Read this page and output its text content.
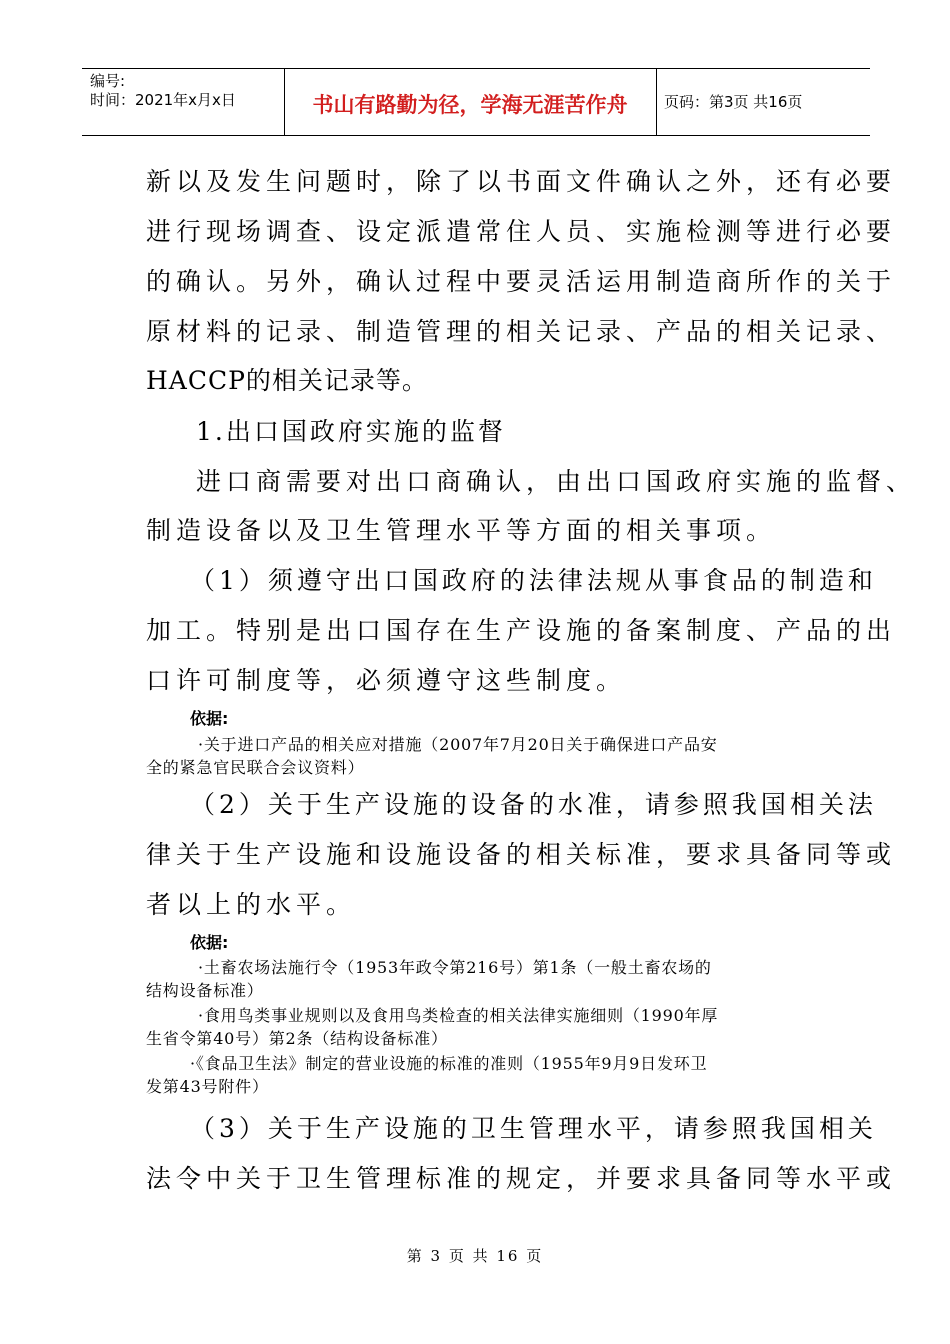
编号:
时间：2021年x月x日	书山有路勤为径，学海无涯苦作舟	页码：第3页 共16页
新以及发生问题时，除了以书面文件确认之外，还有必要
进行现场调查、设定派遣常住人员、实施检测等进行必要
的确认。另外，确认过程中要灵活运用制造商所作的关于
原材料的记录、制造管理的相关记录、产品的相关记录、
HACCP的相关记录等。
1.出口国政府实施的监督
进口商需要对出口商确认，由出口国政府实施的监督、
制造设备以及卫生管理水平等方面的相关事项。
（1）须遵守出口国政府的法律法规从事食品的制造和
加工。特别是出口国存在生产设施的备案制度、产品的出
口许可制度等，必须遵守这些制度。
依据:
·关于进口产品的相关应对措施（2007年7月20日关于确保进口产品安
全的紧急官民联合会议资料）
（2）关于生产设施的设备的水准，请参照我国相关法
律关于生产设施和设施设备的相关标准，要求具备同等或
者以上的水平。
依据:
·土畜农场法施行令（1953年政令第216号）第1条（一般土畜农场的
结构设备标准）
·食用鸟类事业规则以及食用鸟类检查的相关法律实施细则（1990年厚
生省令第40号）第2条（结构设备标准）
·《食品卫生法》制定的营业设施的标准的准则（1955年9月9日发环卫
发第43号附件）
（3）关于生产设施的卫生管理水平，请参照我国相关
法令中关于卫生管理标准的规定，并要求具备同等水平或
第 3 页 共 16 页
